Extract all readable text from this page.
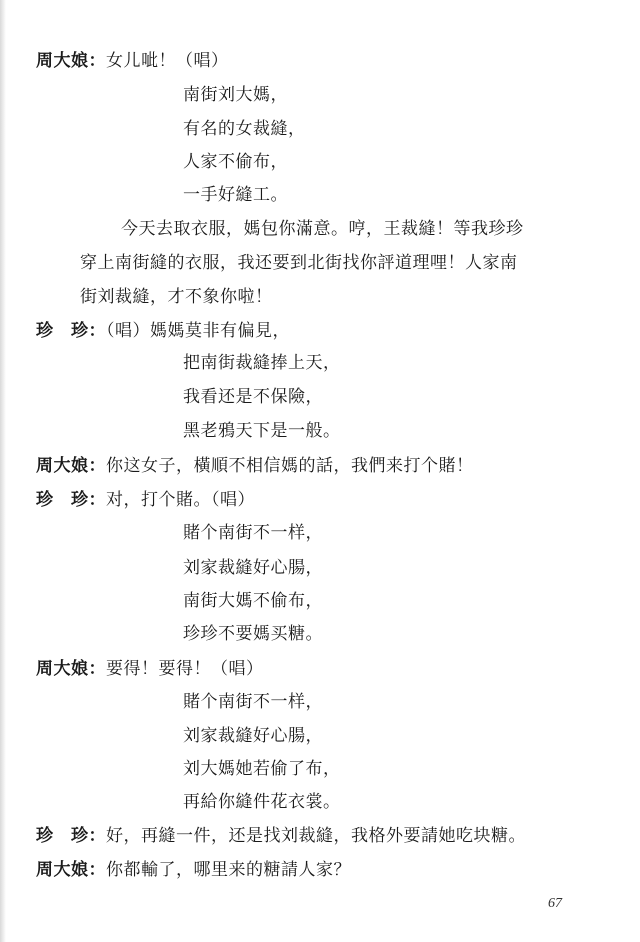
周大娘：女儿呲！（唱）
南街刘大媽，
有名的女裁縫，
人家不偷布，
一手好縫工。
今天去取衣服，媽包你滿意。哼，王裁縫！等我珍珍
穿上南街縫的衣服，我还要到北街找你評道理哩！人家南
街刘裁縫，才不象你啦！
珍　珍：（唱）媽媽莫非有偏見，
把南街裁縫捧上天，
我看还是不保險，
黑老鴉天下是一般。
周大娘：你这女子，橫順不相信媽的話，我們来打个賭！
珍　珍：对，打个賭。（唱）
賭个南街不一样，
刘家裁縫好心腸，
南街大媽不偷布，
珍珍不要媽买糖。
周大娘：要得！要得！（唱）
賭个南街不一样，
刘家裁縫好心腸，
刘大媽她若偷了布，
再給你縫件花衣裳。
珍　珍：好，再縫一件，还是找刘裁縫，我格外要請她吃块糖。
周大娘：你都輸了，哪里来的糖請人家？
67
